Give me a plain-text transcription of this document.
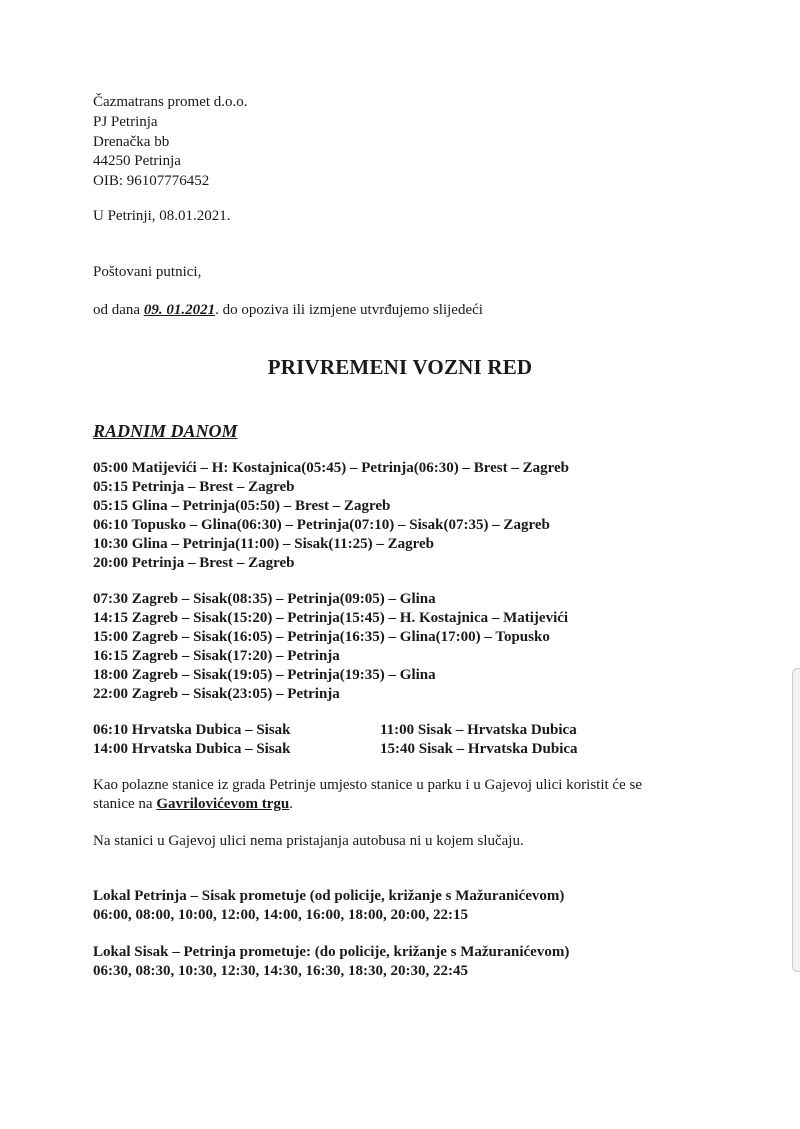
Čazmatrans promet d.o.o.
PJ Petrinja
Drenačka bb
44250 Petrinja
OIB: 96107776452
U Petrinji, 08.01.2021.
Poštovani putnici,
od dana 09. 01.2021. do opoziva ili izmjene utvrđujemo slijedeći
PRIVREMENI VOZNI RED
RADNIM DANOM
05:00 Matijevići – H: Kostajnica(05:45) – Petrinja(06:30) – Brest – Zagreb
05:15 Petrinja – Brest – Zagreb
05:15 Glina – Petrinja(05:50) – Brest – Zagreb
06:10 Topusko – Glina(06:30) – Petrinja(07:10) – Sisak(07:35) – Zagreb
10:30 Glina – Petrinja(11:00) – Sisak(11:25) – Zagreb
20:00 Petrinja – Brest – Zagreb
07:30 Zagreb – Sisak(08:35) – Petrinja(09:05) – Glina
14:15 Zagreb – Sisak(15:20) – Petrinja(15:45) – H. Kostajnica – Matijevići
15:00 Zagreb – Sisak(16:05) – Petrinja(16:35) – Glina(17:00) – Topusko
16:15 Zagreb – Sisak(17:20) – Petrinja
18:00 Zagreb – Sisak(19:05) – Petrinja(19:35) – Glina
22:00 Zagreb – Sisak(23:05) – Petrinja
06:10 Hrvatska Dubica – Sisak
14:00 Hrvatska Dubica – Sisak
11:00 Sisak – Hrvatska Dubica
15:40 Sisak – Hrvatska Dubica
Kao polazne stanice iz grada Petrinje umjesto stanice u parku i u Gajevoj ulici koristit će se
stanice na Gavrilovićevom trgu.
Na stanici u Gajevoj ulici nema pristajanja autobusa ni u kojem slučaju.
Lokal Petrinja – Sisak prometuje (od policije, križanje s Mažuranićevom)
06:00, 08:00, 10:00, 12:00, 14:00, 16:00, 18:00, 20:00, 22:15
Lokal Sisak – Petrinja prometuje: (do policije, križanje s Mažuranićevom)
06:30, 08:30, 10:30, 12:30, 14:30, 16:30, 18:30, 20:30, 22:45
